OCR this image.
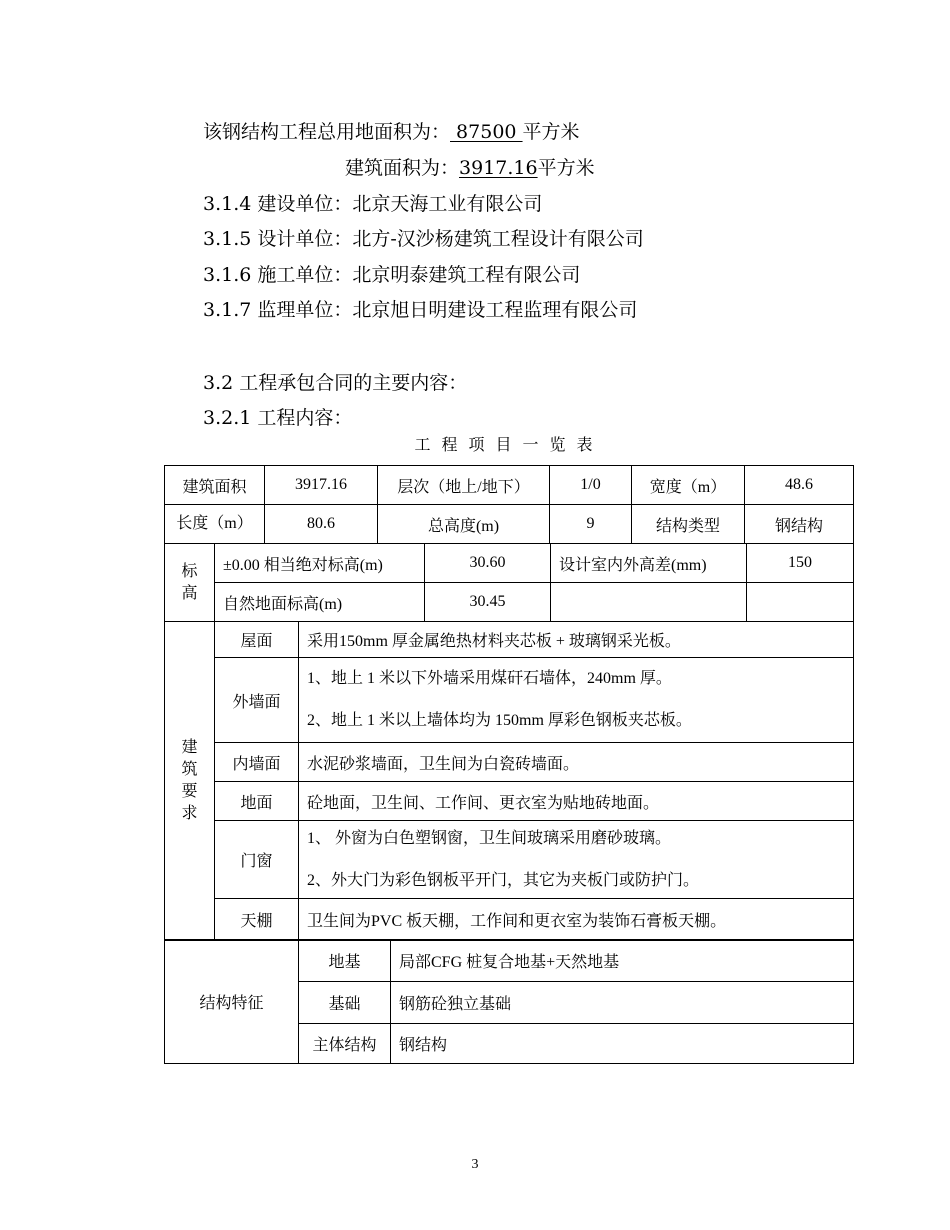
该钢结构工程总用地面积为： 87500 平方米
建筑面积为：3917.16平方米
3.1.4 建设单位：北京天海工业有限公司
3.1.5 设计单位：北方-汉沙杨建筑工程设计有限公司
3.1.6 施工单位：北京明泰建筑工程有限公司
3.1.7 监理单位：北京旭日明建设工程监理有限公司
3.2 工程承包合同的主要内容：
3.2.1 工程内容：
工程项目一览表
建筑面积	3917.16	层次（地上/地下）	1/0	宽度（m）	48.6
长度（m）	80.6	总高度(m)	9	结构类型	钢结构
标高	±0.00 相当绝对标高(m)	30.60	设计室内外高差(mm)	150
	自然地面标高(m)	30.45		
建筑要求	屋面	采用150mm 厚金属绝热材料夹芯板 + 玻璃钢采光板。
	外墙面	1、地上 1 米以下外墙采用煤矸石墙体，240mm 厚。
2、地上 1 米以上墙体均为 150mm 厚彩色钢板夹芯板。

	内墙面	水泥砂浆墙面，卫生间为白瓷砖墙面。
	地面	砼地面，卫生间、工作间、更衣室为贴地砖地面。
	门窗	1、 外窗为白色塑钢窗，卫生间玻璃采用磨砂玻璃。
2、外大门为彩色钢板平开门，其它为夹板门或防护门。

	天棚	卫生间为PVC 板天棚，工作间和更衣室为装饰石膏板天棚。
结构特征	地基	局部CFG 桩复合地基+天然地基
	基础	钢筋砼独立基础
	主体结构	钢结构
3
